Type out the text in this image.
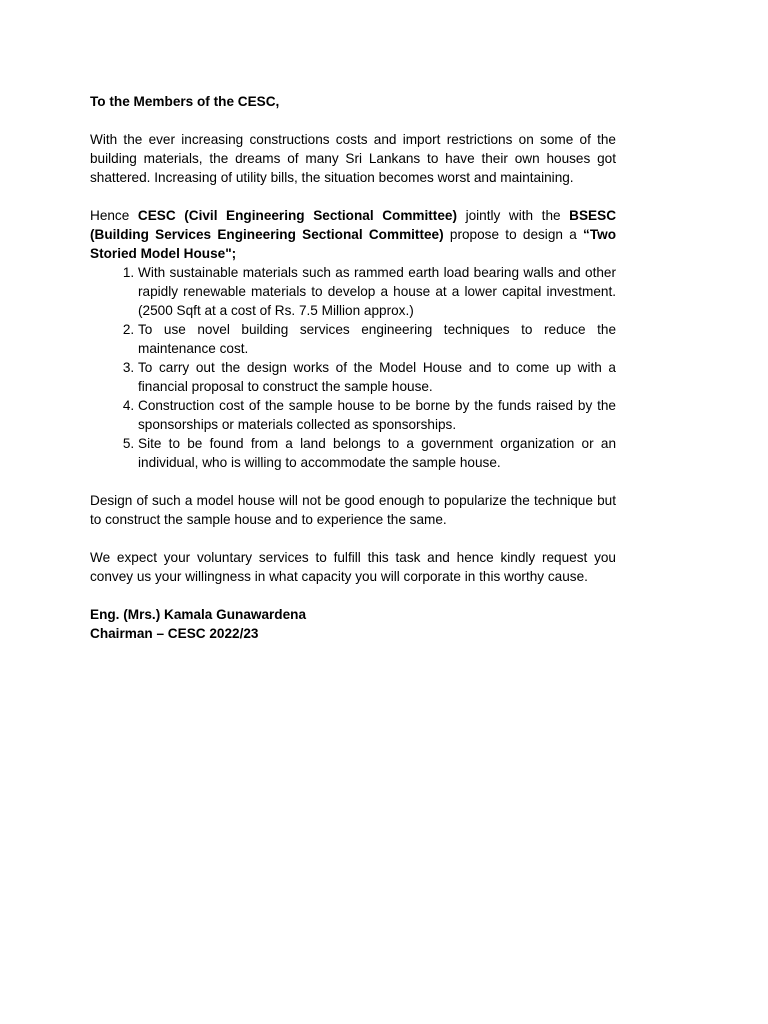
To the Members of the CESC,

With the ever increasing constructions costs and import restrictions on some of the building materials, the dreams of many Sri Lankans to have their own houses got shattered. Increasing of utility bills, the situation becomes worst and maintaining.

Hence CESC (Civil Engineering Sectional Committee) jointly with the BSESC (Building Services Engineering Sectional Committee) propose to design a “Two Storied Model House";

1. With sustainable materials such as rammed earth load bearing walls and other rapidly renewable materials to develop a house at a lower capital investment. (2500 Sqft at a cost of Rs. 7.5 Million approx.)
2. To use novel building services engineering techniques to reduce the maintenance cost.
3. To carry out the design works of the Model House and to come up with a financial proposal to construct the sample house.
4. Construction cost of the sample house to be borne by the funds raised by the sponsorships or materials collected as sponsorships.
5. Site to be found from a land belongs to a government organization or an individual, who is willing to accommodate the sample house.

Design of such a model house will not be good enough to popularize the technique but to construct the sample house and to experience the same.

We expect your voluntary services to fulfill this task and hence kindly request you convey us your willingness in what capacity you will corporate in this worthy cause.

Eng. (Mrs.) Kamala Gunawardena

Chairman – CESC 2022/23
